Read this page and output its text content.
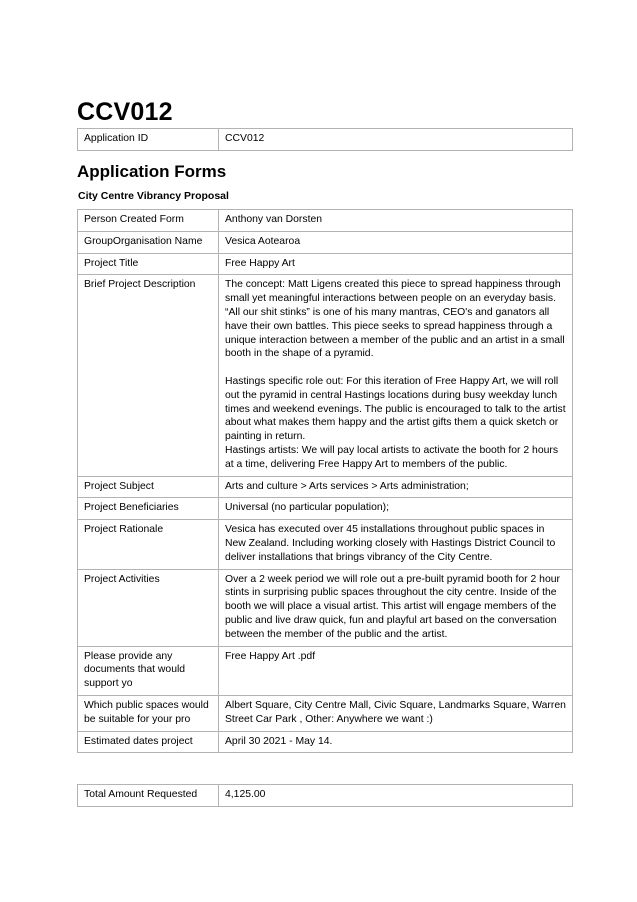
CCV012
Application ID	CCV012
Application Forms

City Centre Vibrancy Proposal

Person Created Form	Anthony van Dorsten
GroupOrganisation Name	Vesica Aotearoa
Project Title	Free Happy Art
Brief Project Description	The concept: Matt Ligens created this piece to spread happiness through small yet meaningful interactions between people on an everyday basis. “All our shit stinks” is one of his many mantras, CEO's and ganators all have their own battles. This piece seeks to spread happiness through a unique interaction between a member of the public and an artist in a small booth in the shape of a pyramid.

Hastings specific role out: For this iteration of Free Happy Art, we will roll out the pyramid in central Hastings locations during busy weekday lunch times and weekend evenings. The public is encouraged to talk to the artist about what makes them happy and the artist gifts them a quick sketch or painting in return.
Hastings artists: We will pay local artists to activate the booth for 2 hours at a time, delivering Free Happy Art to members of the public.
Project Subject	Arts and culture > Arts services > Arts administration;
Project Beneficiaries	Universal (no particular population);
Project Rationale	Vesica has executed over 45 installations throughout public spaces in New Zealand. Including working closely with Hastings District Council to deliver installations that brings vibrancy of the City Centre.
Project Activities	Over a 2 week period we will role out a pre-built pyramid booth for 2 hour stints in surprising public spaces throughout the city centre. Inside of the booth we will place a visual artist. This artist will engage members of the public and live draw quick, fun and playful art based on the conversation between the member of the public and the artist.
Please provide any documents that would support yo	Free Happy Art .pdf
Which public spaces would be suitable for your pro	Albert Square, City Centre Mall, Civic Square, Landmarks Square, Warren Street Car Park , Other: Anywhere we want :)
Estimated dates project	April 30 2021 - May 14.
Total Amount Requested	4,125.00
